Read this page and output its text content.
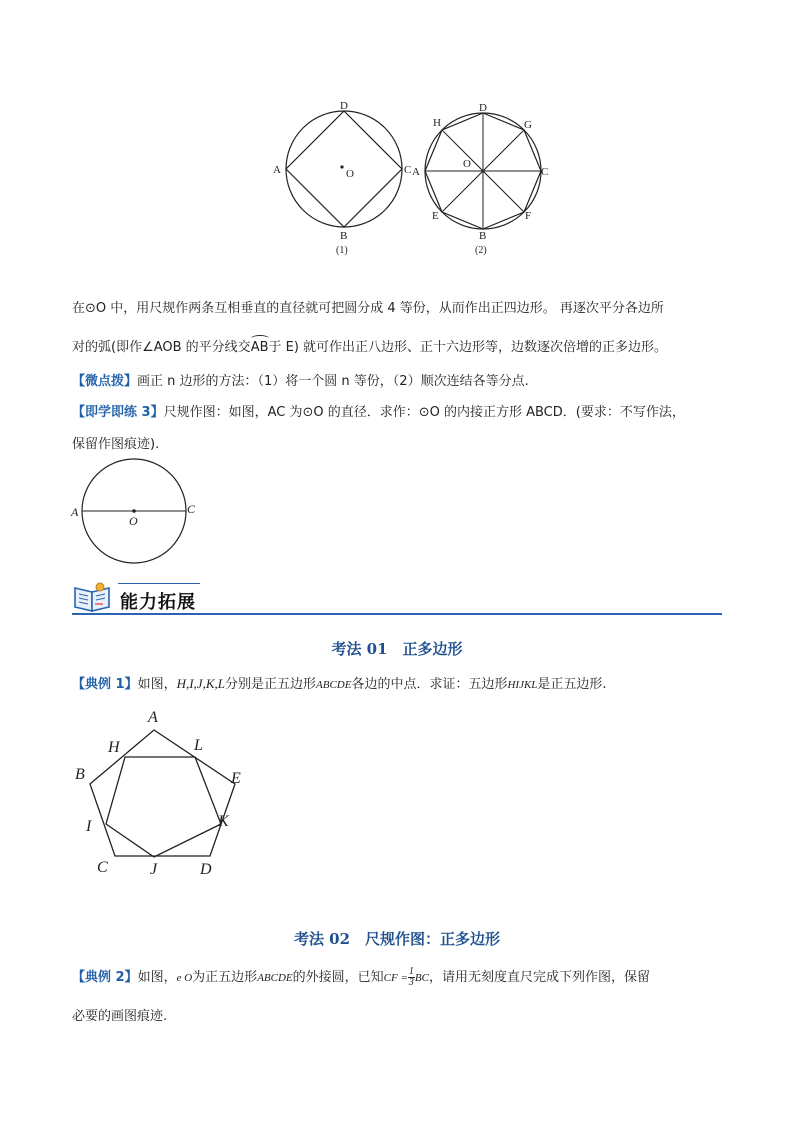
D
A	C
O
B
(1)
D
H	G
O
A	C
E	F
B
(2)
在⊙O 中，用尺规作两条互相垂直的直径就可把圆分成 4 等份，从而作出正四边形。 再逐次平分各边所
对的弧(即作∠AOB 的平分线交AB于 E) 就可作出正八边形、正十六边形等，边数逐次倍增的正多边形。
【微点拨】画正 n 边形的方法：（1）将一个圆 n 等份，（2）顺次连结各等分点.
【即学即练 3】尺规作图：如图，AC 为⊙O 的直径．求作：⊙O 的内接正方形 ABCD．(要求：不写作法，
保留作图痕迹).
A
O
C
能力拓展
考法 01　正多边形
【典例 1】如图，H,I,J,K,L分别是正五边形ABCDE各边的中点．求证：五边形HIJKL是正五边形.
A
H	L
B	E
I	K
C	J	D
考法 02　尺规作图：正多边形
【典例 2】如图，e O为正五边形ABCDE的外接圆，已知CF = $\frac{1}{3}$ BC，请用无刻度直尺完成下列作图，保留
必要的画图痕迹.
